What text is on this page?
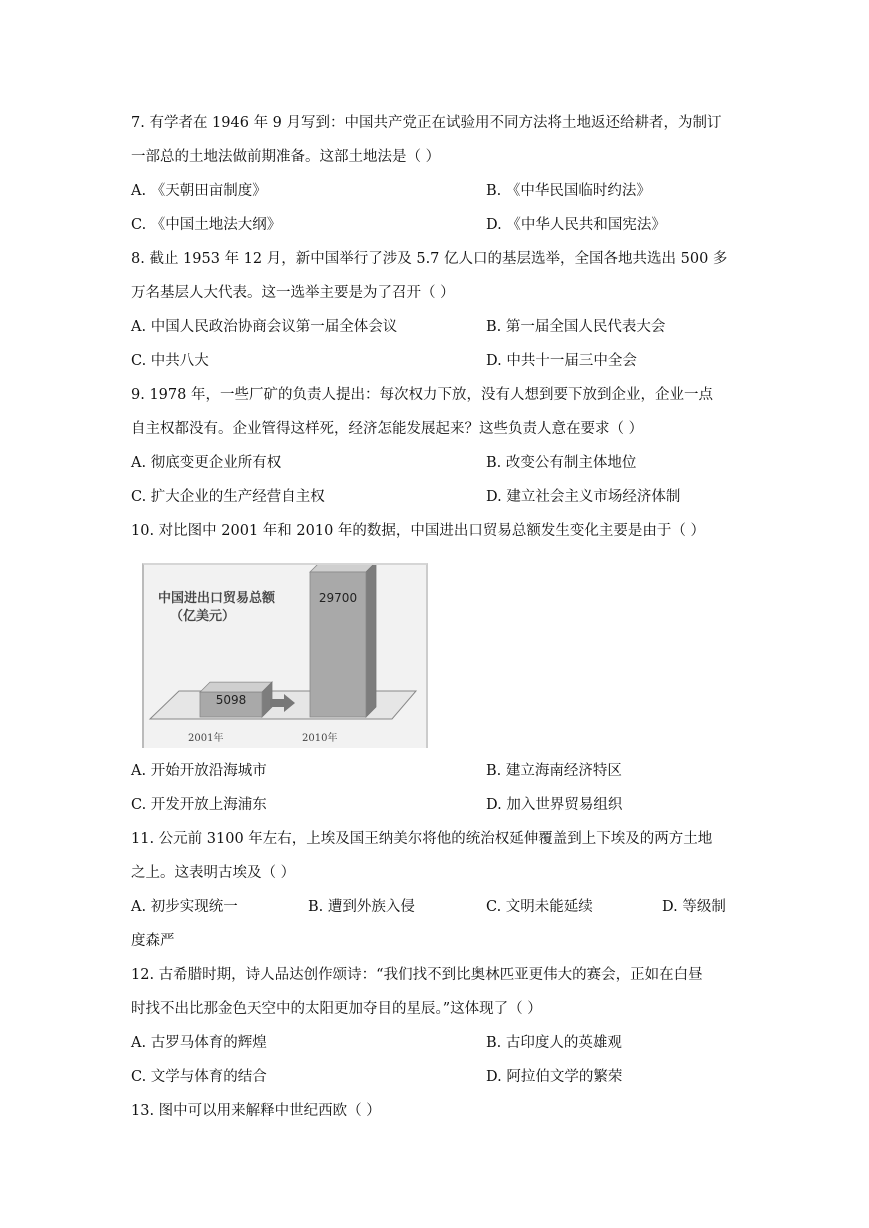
7. 有学者在 1946 年 9 月写到：中国共产党正在试验用不同方法将土地返还给耕者，为制订
一部总的土地法做前期准备。这部土地法是（ ）
A. 《天朝田亩制度》	B. 《中华民国临时约法》
C. 《中国土地法大纲》	D. 《中华人民共和国宪法》
8. 截止 1953 年 12 月，新中国举行了涉及 5.7 亿人口的基层选举，全国各地共选出 500 多
万名基层人大代表。这一选举主要是为了召开（ ）
A. 中国人民政治协商会议第一届全体会议	B. 第一届全国人民代表大会
C. 中共八大	D. 中共十一届三中全会
9. 1978 年，一些厂矿的负责人提出：每次权力下放，没有人想到要下放到企业，企业一点
自主权都没有。企业管得这样死，经济怎能发展起来？这些负责人意在要求（ ）
A. 彻底变更企业所有权	B. 改变公有制主体地位
C. 扩大企业的生产经营自主权	D. 建立社会主义市场经济体制
10. 对比图中 2001 年和 2010 年的数据，中国进出口贸易总额发生变化主要是由于（ ）
中国进出口贸易总额
（亿美元）
5098
29700
2001年	2010年
A. 开始开放沿海城市	B. 建立海南经济特区
C. 开发开放上海浦东	D. 加入世界贸易组织
11. 公元前 3100 年左右，上埃及国王纳美尔将他的统治权延伸覆盖到上下埃及的两方土地
之上。这表明古埃及（ ）
A. 初步实现统一	B. 遭到外族入侵	C. 文明未能延续	D. 等级制
度森严
12. 古希腊时期，诗人品达创作颂诗：“我们找不到比奥林匹亚更伟大的赛会，正如在白昼
时找不出比那金色天空中的太阳更加夺目的星辰。”这体现了（ ）
A. 古罗马体育的辉煌	B. 古印度人的英雄观
C. 文学与体育的结合	D. 阿拉伯文学的繁荣
13. 图中可以用来解释中世纪西欧（ ）
